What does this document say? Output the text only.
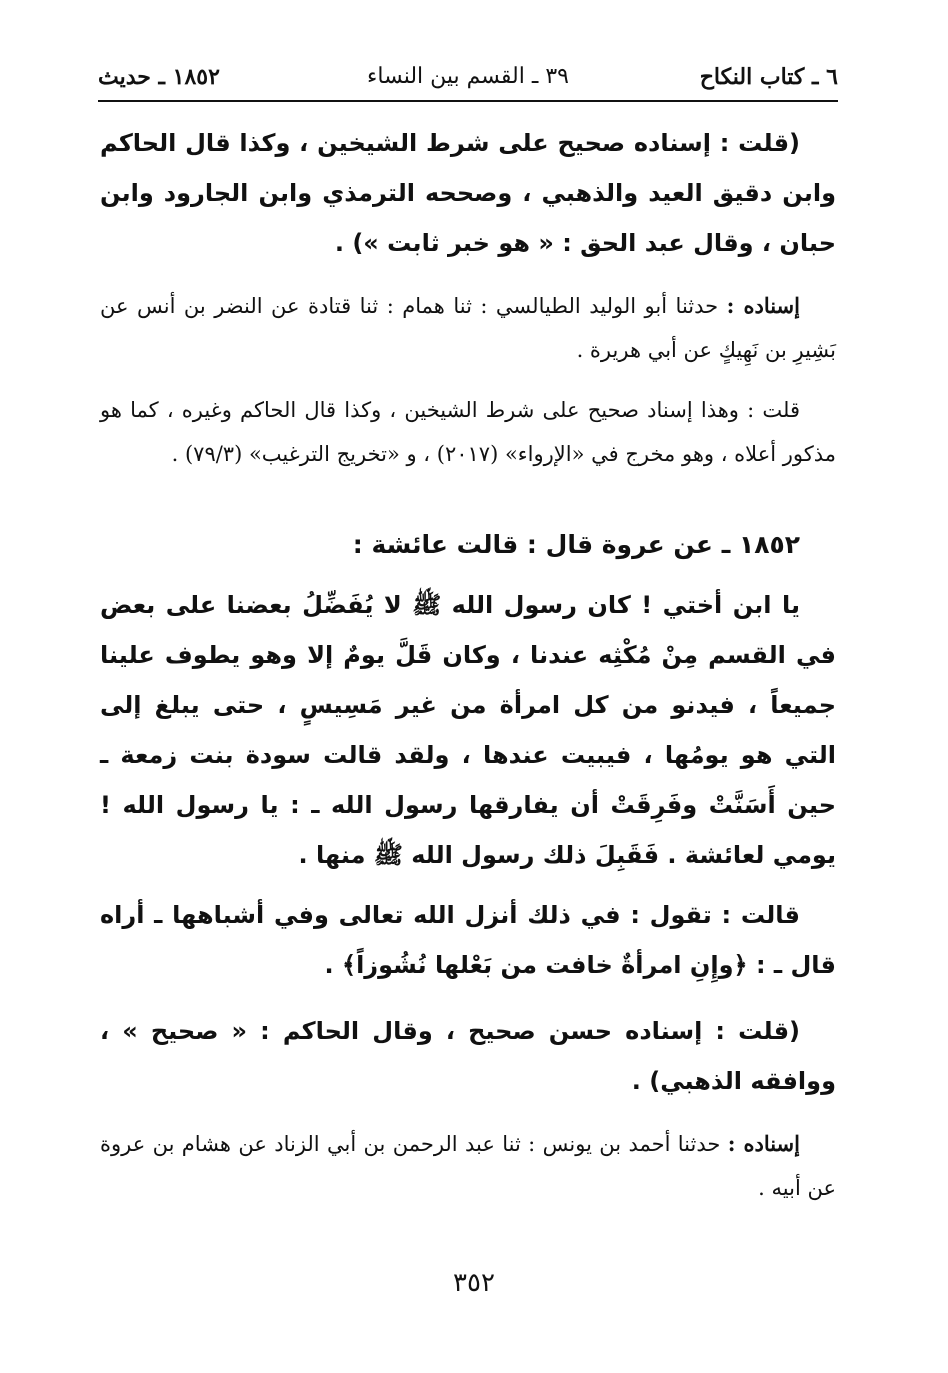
٦ ـ كتاب النكاح
٣٩ ـ القسم بين النساء
١٨٥٢ ـ حديث

(قلت : إسناده صحيح على شرط الشيخين ، وكذا قال الحاكم وابن دقيق العيد والذهبي ، وصححه الترمذي وابن الجارود وابن حبان ، وقال عبد الحق : « هو خبر ثابت ») .

إسناده : حدثنا أبو الوليد الطيالسي : ثنا همام : ثنا قتادة عن النضر بن أنس عن بَشِيرِ بن نَهِيكٍ عن أبي هريرة .

قلت : وهذا إسناد صحيح على شرط الشيخين ، وكذا قال الحاكم وغيره ، كما هو مذكور أعلاه ، وهو مخرج في «الإرواء» (٢٠١٧) ، و «تخريج الترغيب» (٧٩/٣) .

١٨٥٢ ـ عن عروة قال : قالت عائشة :

يا ابن أختي ! كان رسول الله ﷺ لا يُفَضِّلُ بعضنا على بعض في القسم مِنْ مُكْثِه عندنا ، وكان قَلَّ يومٌ إلا وهو يطوف علينا جميعاً ، فيدنو من كل امرأة من غير مَسِيسٍ ، حتى يبلغ إلى التي هو يومُها ، فيبيت عندها ، ولقد قالت سودة بنت زمعة ـ حين أَسَنَّتْ وفَرِقَتْ أن يفارقها رسول الله ـ : يا رسول الله ! يومي لعائشة . فَقَبِلَ ذلك رسول الله ﷺ منها .

قالت : تقول : في ذلك أنزل الله تعالى وفي أشباهها ـ أراه قال ـ : ﴿وإِنِ امرأةٌ خافت من بَعْلها نُشُوزاً﴾ .

(قلت : إسناده حسن صحيح ، وقال الحاكم : « صحيح » ، ووافقه الذهبي) .

إسناده : حدثنا أحمد بن يونس : ثنا عبد الرحمن بن أبي الزناد عن هشام بن عروة عن أبيه .

٣٥٢
